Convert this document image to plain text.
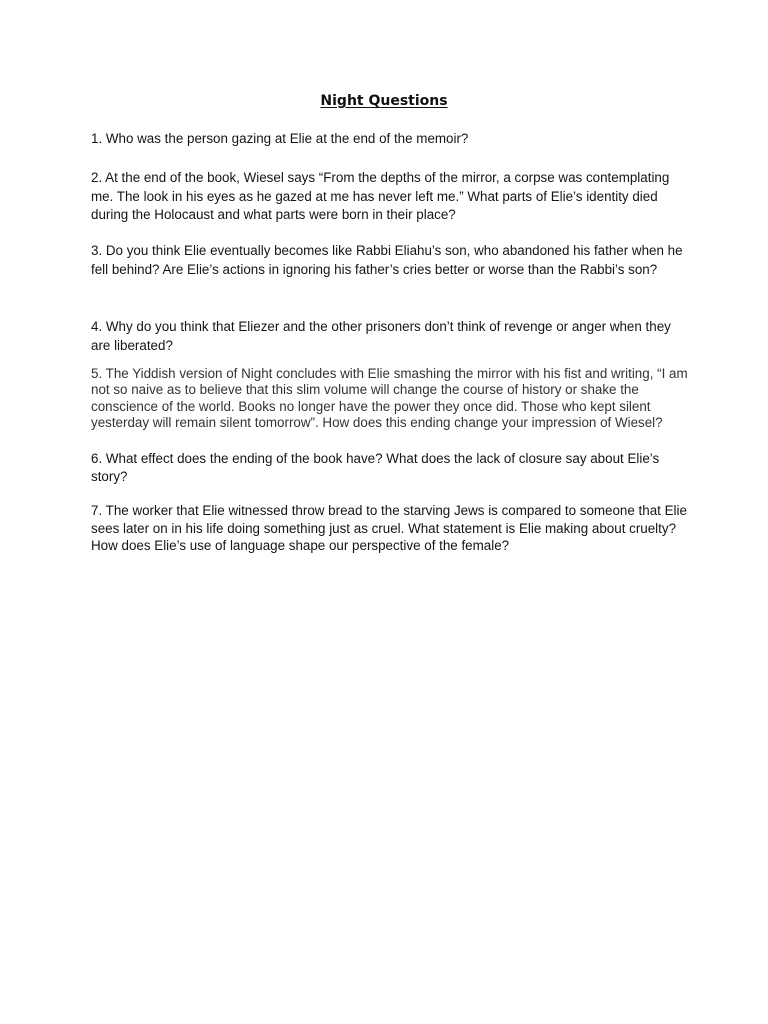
Night Questions

1. Who was the person gazing at Elie at the end of the memoir?

2. At the end of the book, Wiesel says “From the depths of the mirror, a corpse was contemplating me. The look in his eyes as he gazed at me has never left me.” What parts of Elie’s identity died during the Holocaust and what parts were born in their place?

3. Do you think Elie eventually becomes like Rabbi Eliahu’s son, who abandoned his father when he fell behind? Are Elie’s actions in ignoring his father’s cries better or worse than the Rabbi’s son?

4. Why do you think that Eliezer and the other prisoners don’t think of revenge or anger when they are liberated?

5. The Yiddish version of Night concludes with Elie smashing the mirror with his fist and writing, “I am not so naive as to believe that this slim volume will change the course of history or shake the conscience of the world. Books no longer have the power they once did. Those who kept silent yesterday will remain silent tomorrow”. How does this ending change your impression of Wiesel?

6. What effect does the ending of the book have? What does the lack of closure say about Elie’s story?

7. The worker that Elie witnessed throw bread to the starving Jews is compared to someone that Elie sees later on in his life doing something just as cruel. What statement is Elie making about cruelty? How does Elie’s use of language shape our perspective of the female?
